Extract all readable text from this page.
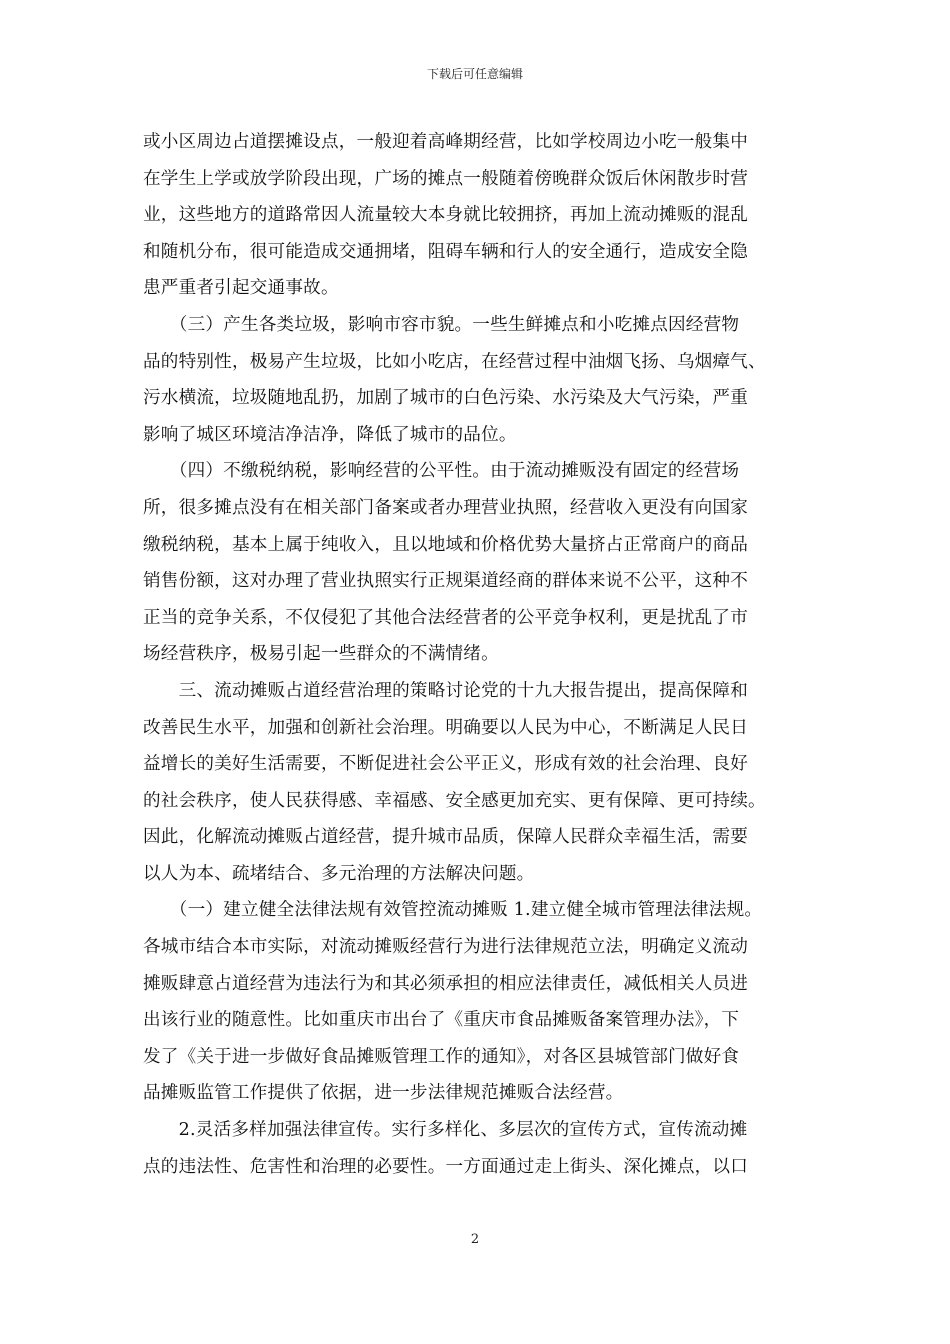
下载后可任意编辑
或小区周边占道摆摊设点，一般迎着高峰期经营，比如学校周边小吃一般集中
在学生上学或放学阶段出现，广场的摊点一般随着傍晚群众饭后休闲散步时营
业，这些地方的道路常因人流量较大本身就比较拥挤，再加上流动摊贩的混乱
和随机分布，很可能造成交通拥堵，阻碍车辆和行人的安全通行，造成安全隐
患严重者引起交通事故。
　　（三）产生各类垃圾，影响市容市貌。一些生鲜摊点和小吃摊点因经营物
品的特别性，极易产生垃圾，比如小吃店，在经营过程中油烟飞扬、乌烟瘴气、
污水横流，垃圾随地乱扔，加剧了城市的白色污染、水污染及大气污染，严重
影响了城区环境洁净洁净，降低了城市的品位。
　　（四）不缴税纳税，影响经营的公平性。由于流动摊贩没有固定的经营场
所，很多摊点没有在相关部门备案或者办理营业执照，经营收入更没有向国家
缴税纳税，基本上属于纯收入，且以地域和价格优势大量挤占正常商户的商品
销售份额，这对办理了营业执照实行正规渠道经商的群体来说不公平，这种不
正当的竞争关系，不仅侵犯了其他合法经营者的公平竞争权利，更是扰乱了市
场经营秩序，极易引起一些群众的不满情绪。
　　三、流动摊贩占道经营治理的策略讨论党的十九大报告提出，提高保障和
改善民生水平，加强和创新社会治理。明确要以人民为中心，不断满足人民日
益增长的美好生活需要，不断促进社会公平正义，形成有效的社会治理、良好
的社会秩序，使人民获得感、幸福感、安全感更加充实、更有保障、更可持续。
因此，化解流动摊贩占道经营，提升城市品质，保障人民群众幸福生活，需要
以人为本、疏堵结合、多元治理的方法解决问题。
　　（一）建立健全法律法规有效管控流动摊贩 1.建立健全城市管理法律法规。
各城市结合本市实际，对流动摊贩经营行为进行法律规范立法，明确定义流动
摊贩肆意占道经营为违法行为和其必须承担的相应法律责任，减低相关人员进
出该行业的随意性。比如重庆市出台了《重庆市食品摊贩备案管理办法》，下
发了《关于进一步做好食品摊贩管理工作的通知》，对各区县城管部门做好食
品摊贩监管工作提供了依据，进一步法律规范摊贩合法经营。
　　2.灵活多样加强法律宣传。实行多样化、多层次的宣传方式，宣传流动摊
点的违法性、危害性和治理的必要性。一方面通过走上街头、深化摊点，以口
2
